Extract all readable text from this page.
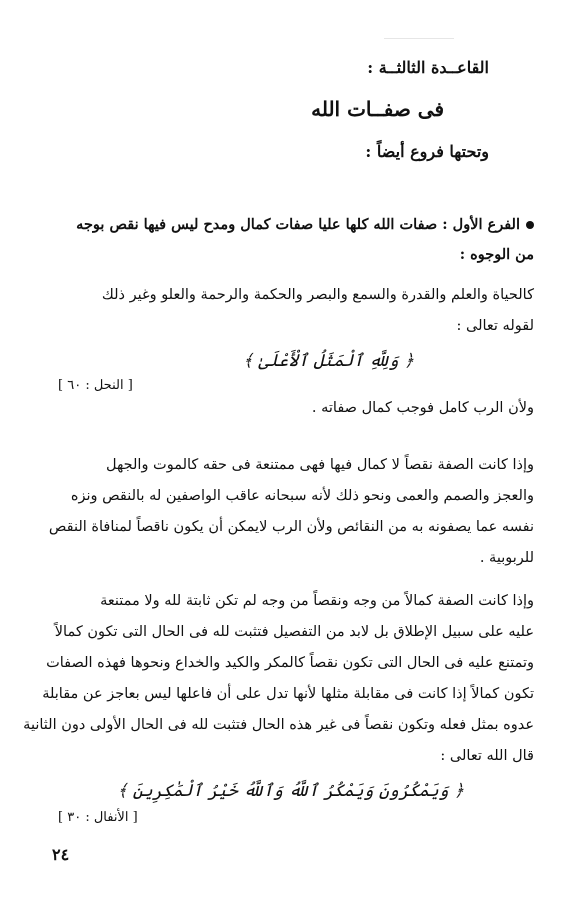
القاعــدة الثالثــة :
فى صفــات الله
وتحتها فروع أيضاً :
الفرع الأول : صفات الله كلها عليا صفات كمال ومدح ليس فيها نقص بوجه
من الوجوه :
كالحياة والعلم والقدرة والسمع والبصر والحكمة والرحمة والعلو وغير ذلك
لقوله تعالى :
﴿ وَلِلَّهِ ٱلْمَثَلُ ٱلْأَعْلَىٰ ﴾
[ النحل : ٦٠ ]
ولأن الرب كامل فوجب كمال صفاته .
وإذا كانت الصفة نقصاً لا كمال فيها فهى ممتنعة فى حقه كالموت والجهل
والعجز والصمم والعمى ونحو ذلك لأنه سبحانه عاقب الواصفين له بالنقص ونزه
نفسه عما يصفونه به من النقائص ولأن الرب لايمكن أن يكون ناقصاً لمنافاة النقص
للربوبية .
وإذا كانت الصفة كمالاً من وجه ونقصاً من وجه لم تكن ثابتة لله ولا ممتنعة
عليه على سبيل الإطلاق بل لابد من التفصيل فتثبت لله فى الحال التى تكون كمالاً
وتمتنع عليه فى الحال التى تكون نقصاً كالمكر والكيد والخداع ونحوها فهذه الصفات
تكون كمالاً إذا كانت فى مقابلة مثلها لأنها تدل على أن فاعلها ليس بعاجز عن مقابلة
عدوه بمثل فعله وتكون نقصاً فى غير هذه الحال فتثبت لله فى الحال الأولى دون الثانية
قال الله تعالى :
﴿ وَيَمْكُرُونَ وَيَمْكُرُ ٱللَّهُ وَٱللَّهُ خَيْرُ ٱلْمَٰكِرِينَ ﴾
[ الأنفال : ٣٠ ]
٢٤
